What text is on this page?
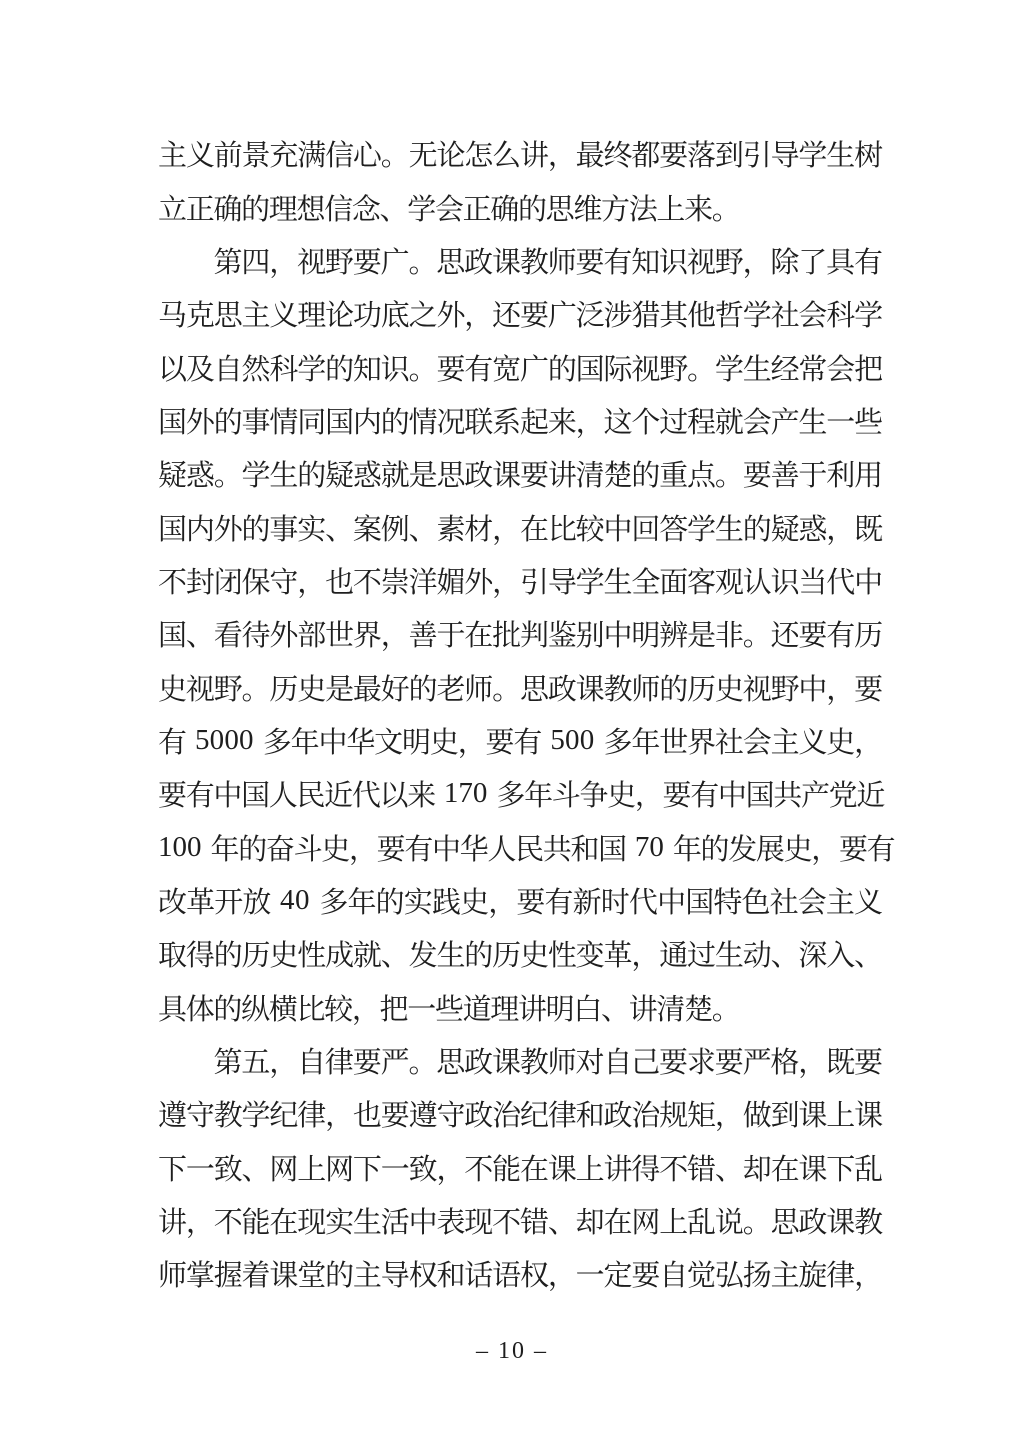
主
义
前
景
充
满
信
心
。
无
论
怎
么
讲
，
最
终
都
要
落
到
引
导
学
生
树
立
正
确
的
理
想
信
念
、
学
会
正
确
的
思
维
方
法
上
来
。
第
四
，
视
野
要
广
。
思
政
课
教
师
要
有
知
识
视
野
，
除
了
具
有
马
克
思
主
义
理
论
功
底
之
外
，
还
要
广
泛
涉
猎
其
他
哲
学
社
会
科
学
以
及
自
然
科
学
的
知
识
。
要
有
宽
广
的
国
际
视
野
。
学
生
经
常
会
把
国
外
的
事
情
同
国
内
的
情
况
联
系
起
来
，
这
个
过
程
就
会
产
生
一
些
疑
惑
。
学
生
的
疑
惑
就
是
思
政
课
要
讲
清
楚
的
重
点
。
要
善
于
利
用
国
内
外
的
事
实
、
案
例
、
素
材
，
在
比
较
中
回
答
学
生
的
疑
惑
，
既
不
封
闭
保
守
，
也
不
崇
洋
媚
外
，
引
导
学
生
全
面
客
观
认
识
当
代
中
国
、
看
待
外
部
世
界
，
善
于
在
批
判
鉴
别
中
明
辨
是
非
。
还
要
有
历
史
视
野
。
历
史
是
最
好
的
老
师
。
思
政
课
教
师
的
历
史
视
野
中
，
要
有
5 0 0 0
多
年
中
华
文
明
史
，
要
有
5 0 0
多
年
世
界
社
会
主
义
史
，
要
有
中
国
人
民
近
代
以
来
1 7 0
多
年
斗
争
史
，
要
有
中
国
共
产
党
近
1 0 0
年
的
奋
斗
史
，
要
有
中
华
人
民
共
和
国
7 0
年
的
发
展
史
，
要
有
改 革 开 放
4 0
多 年 的 实 践 史 ， 要 有 新 时 代 中 国 特 色 社 会 主 义
取
得
的
历
史
性
成
就
、
发
生
的
历
史
性
变
革
，
通
过
生
动
、
深
入
、
具
体
的
纵
横
比
较
，
把
一
些
道
理
讲
明
白
、
讲
清
楚
。
第
五
，
自
律
要
严
。
思
政
课
教
师
对
自
己
要
求
要
严
格
，
既
要
遵
守
教
学
纪
律
，
也
要
遵
守
政
治
纪
律
和
政
治
规
矩
，
做
到
课
上
课
下
一
致
、
网
上
网
下
一
致
，
不
能
在
课
上
讲
得
不
错
、
却
在
课
下
乱
讲
，
不
能
在
现
实
生
活
中
表
现
不
错
、
却
在
网
上
乱
说
。
思
政
课
教
师
掌
握
着
课
堂
的
主
导
权
和
话
语
权
，
一
定
要
自
觉
弘
扬
主
旋
律
，
– 10 –
